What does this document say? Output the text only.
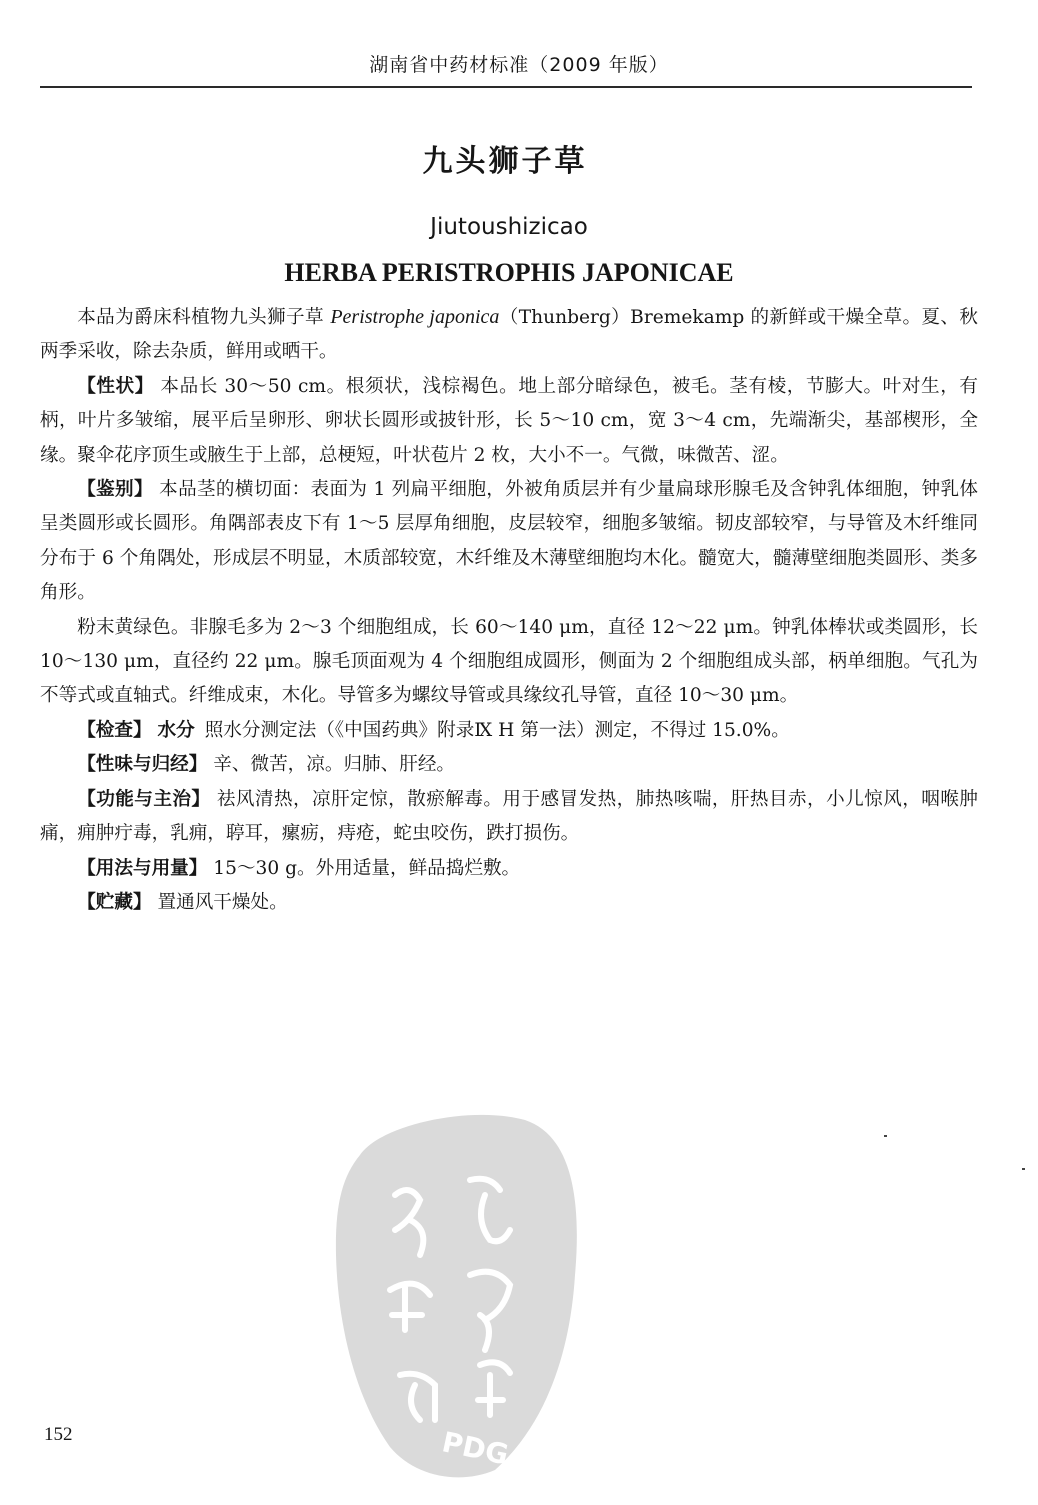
湖南省中药材标准（2009 年版）
九头狮子草
Jiutoushizicao
HERBA PERISTROPHIS JAPONICAE

本品为爵床科植物九头狮子草 Peristrophe japonica（Thunberg）Bremekamp 的新鲜或干燥全草。夏、秋两季采收，除去杂质，鲜用或晒干。

【性状】 本品长 30～50 cm。根须状，浅棕褐色。地上部分暗绿色，被毛。茎有棱，节膨大。叶对生，有柄，叶片多皱缩，展平后呈卵形、卵状长圆形或披针形，长 5～10 cm，宽 3～4 cm，先端渐尖，基部楔形，全缘。聚伞花序顶生或腋生于上部，总梗短，叶状苞片 2 枚，大小不一。气微，味微苦、涩。

【鉴别】 本品茎的横切面：表面为 1 列扁平细胞，外被角质层并有少量扁球形腺毛及含钟乳体细胞，钟乳体呈类圆形或长圆形。角隅部表皮下有 1～5 层厚角细胞，皮层较窄，细胞多皱缩。韧皮部较窄，与导管及木纤维同分布于 6 个角隅处，形成层不明显，木质部较宽，木纤维及木薄壁细胞均木化。髓宽大，髓薄壁细胞类圆形、类多角形。

粉末黄绿色。非腺毛多为 2～3 个细胞组成，长 60～140 μm，直径 12～22 μm。钟乳体棒状或类圆形，长 10～130 μm，直径约 22 μm。腺毛顶面观为 4 个细胞组成圆形，侧面为 2 个细胞组成头部，柄单细胞。气孔为不等式或直轴式。纤维成束，木化。导管多为螺纹导管或具缘纹孔导管，直径 10～30 μm。

【检查】 水分 照水分测定法（《中国药典》附录Ⅸ H 第一法）测定，不得过 15.0%。

【性味与归经】 辛、微苦，凉。归肺、肝经。

【功能与主治】 祛风清热，凉肝定惊，散瘀解毒。用于感冒发热，肺热咳喘，肝热目赤，小儿惊风，咽喉肿痛，痈肿疔毒，乳痈，聤耳，瘰疬，痔疮，蛇虫咬伤，跌打损伤。

【用法与用量】 15～30 g。外用适量，鲜品捣烂敷。

【贮藏】 置通风干燥处。

PDG
152
